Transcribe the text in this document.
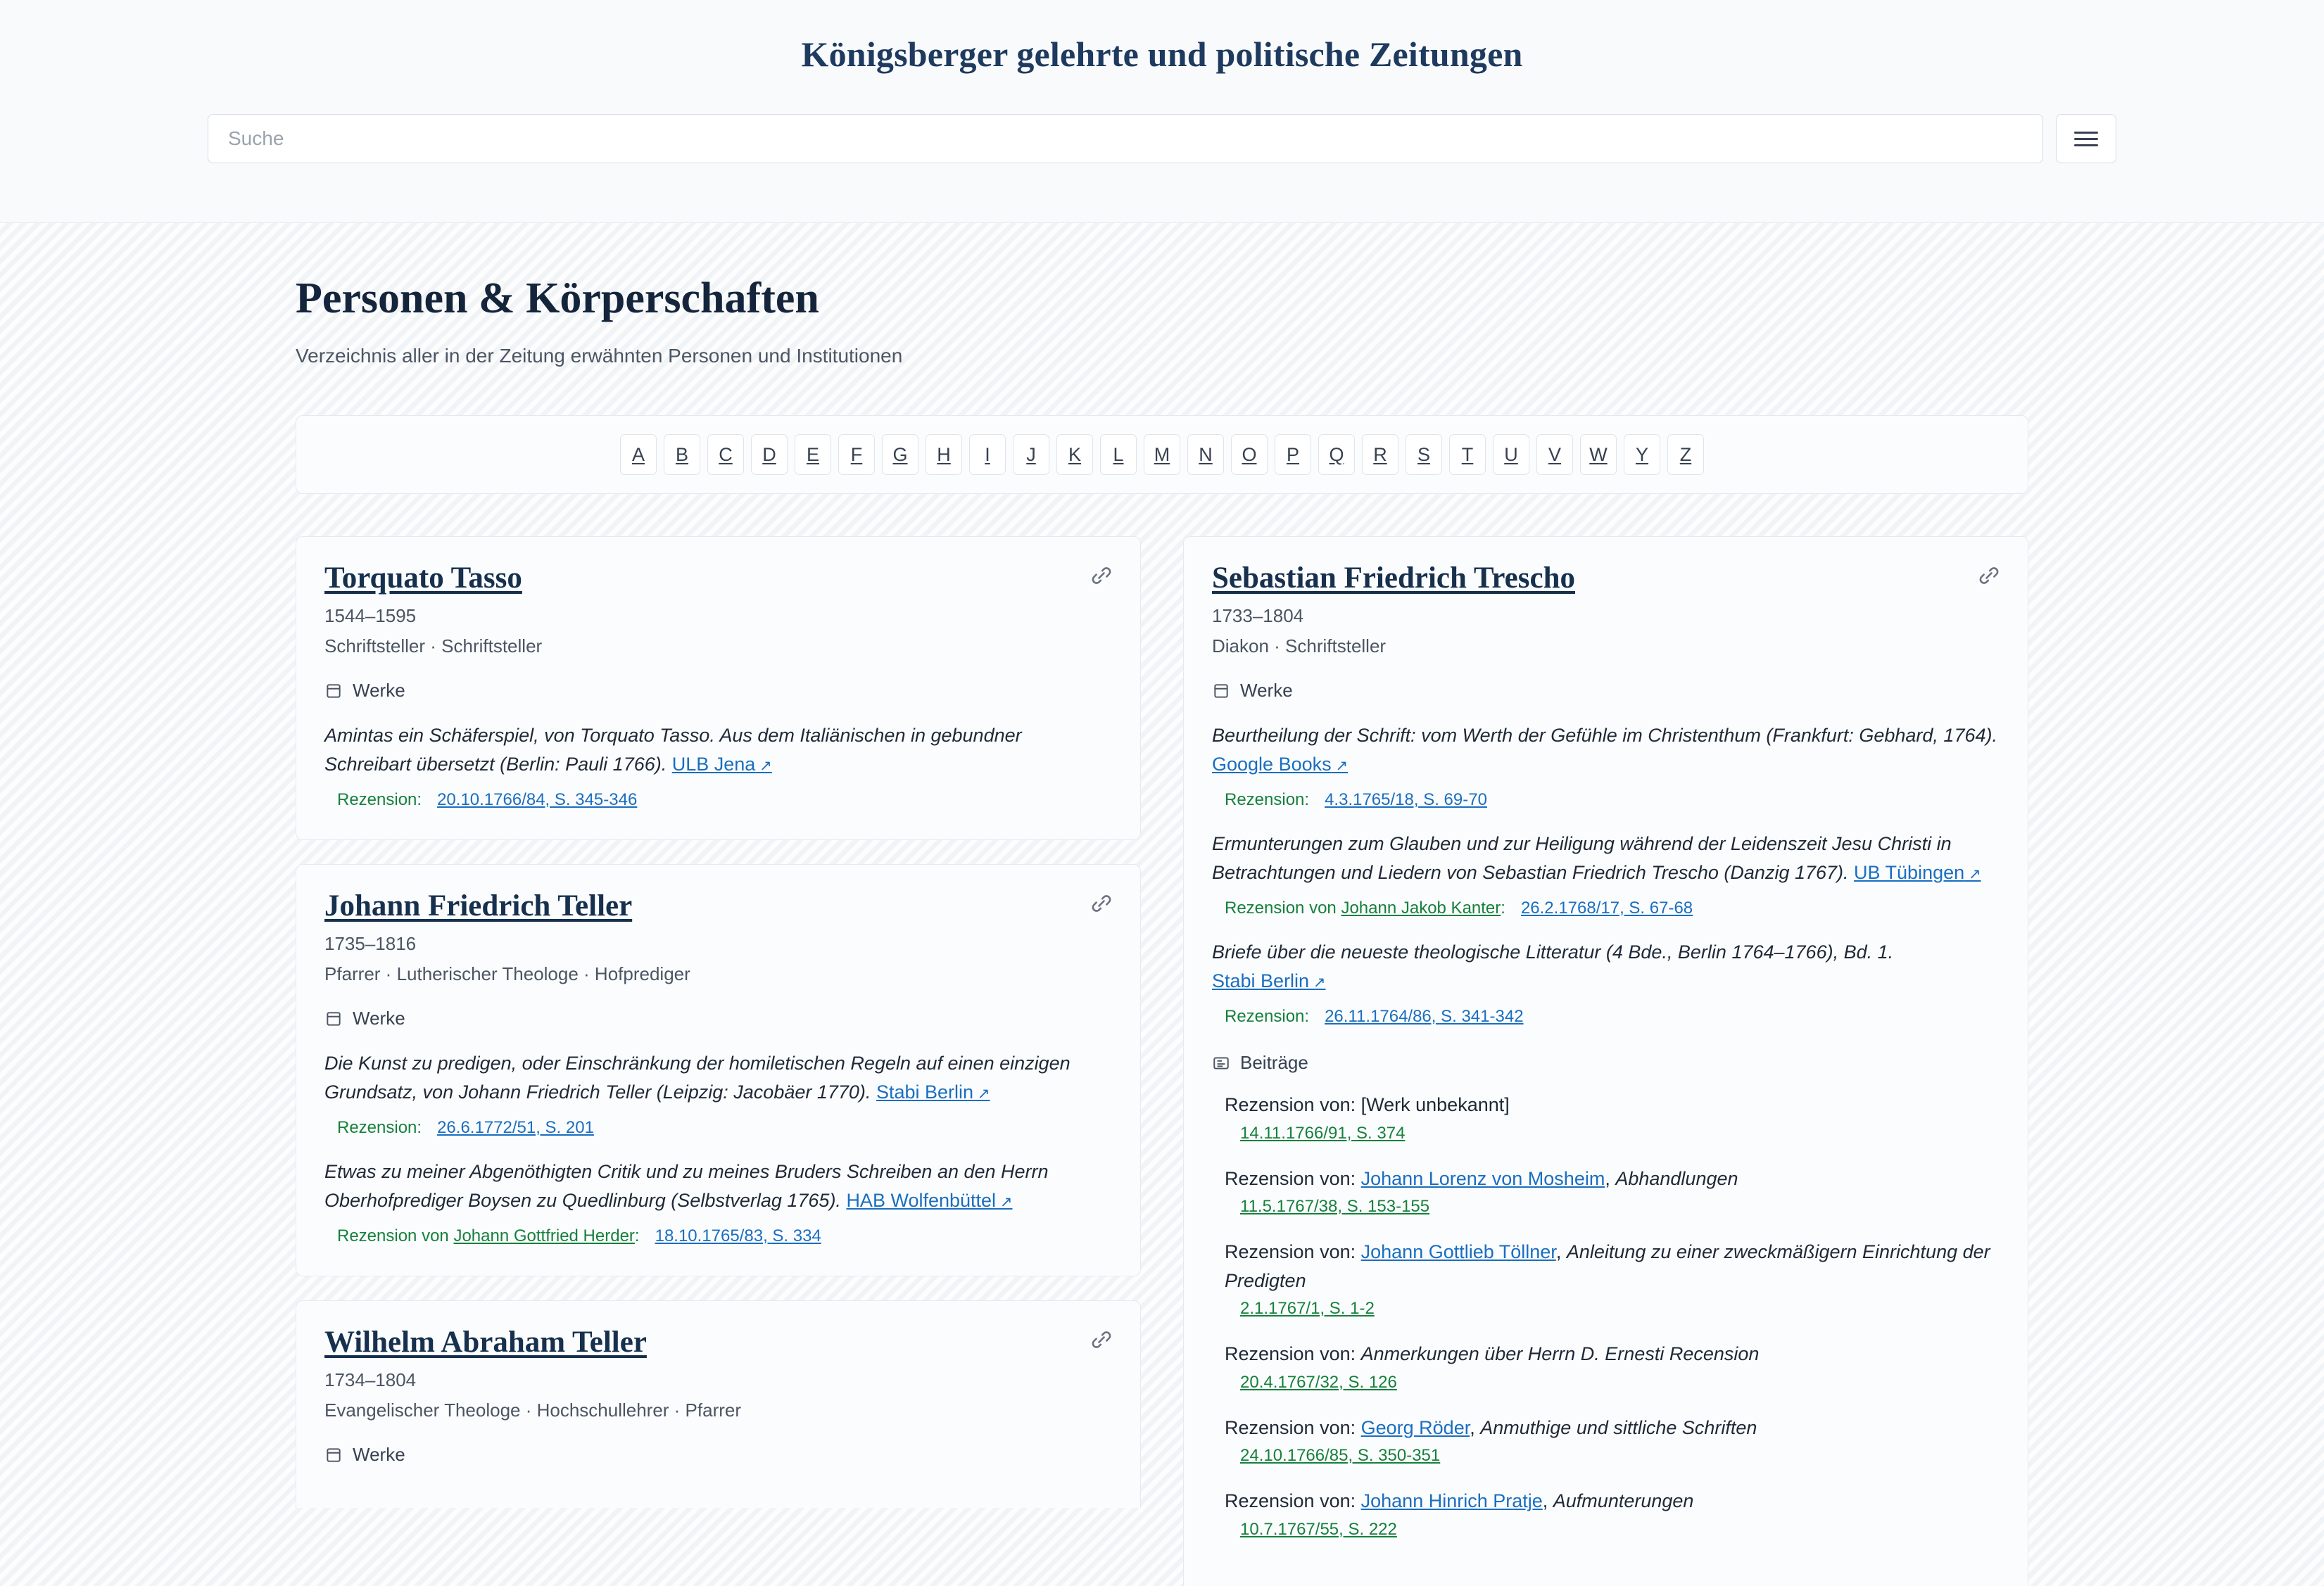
Königsberger gelehrte und politische Zeitungen
Suche
Personen & Körperschaften

Verzeichnis aller in der Zeitung erwähnten Personen und Institutionen

A	B	C	D	E	F	G	H	I	J	K	L	M	N	O	P	Q	R	S	T	U	V	W	Y	Z
Torquato Tasso
1544–1595
Schriftsteller · Schriftsteller
Werke
Amintas ein Schäferspiel, von Torquato Tasso. Aus dem Italiänischen in gebundner Schreibart übersetzt (Berlin: Pauli 1766). ULB Jena ↗
Rezension: 20.10.1766/84, S. 345-346
Johann Friedrich Teller
1735–1816
Pfarrer · Lutherischer Theologe · Hofprediger
Werke
Die Kunst zu predigen, oder Einschränkung der homiletischen Regeln auf einen einzigen Grundsatz, von Johann Friedrich Teller (Leipzig: Jacobäer 1770). Stabi Berlin ↗
Rezension: 26.6.1772/51, S. 201
Etwas zu meiner Abgenöthigten Critik und zu meines Bruders Schreiben an den Herrn Oberhofprediger Boysen zu Quedlinburg (Selbstverlag 1765). HAB Wolfenbüttel ↗
Rezension von Johann Gottfried Herder: 18.10.1765/83, S. 334
Wilhelm Abraham Teller
1734–1804
Evangelischer Theologe · Hochschullehrer · Pfarrer
Werke
Sebastian Friedrich Trescho
1733–1804
Diakon · Schriftsteller
Werke
Beurtheilung der Schrift: vom Werth der Gefühle im Christenthum (Frankfurt: Gebhard, 1764).
Google Books ↗
Rezension: 4.3.1765/18, S. 69-70
Ermunterungen zum Glauben und zur Heiligung während der Leidenszeit Jesu Christi in Betrachtungen und Liedern von Sebastian Friedrich Trescho (Danzig 1767). UB Tübingen ↗
Rezension von Johann Jakob Kanter: 26.2.1768/17, S. 67-68
Briefe über die neueste theologische Litteratur (4 Bde., Berlin 1764–1766), Bd. 1. Stabi Berlin ↗
Rezension: 26.11.1764/86, S. 341-342
Beiträge
Rezension von: [Werk unbekannt]
14.11.1766/91, S. 374
Rezension von: Johann Lorenz von Mosheim, Abhandlungen
11.5.1767/38, S. 153-155
Rezension von: Johann Gottlieb Töllner, Anleitung zu einer zweckmäßigern Einrichtung der Predigten
2.1.1767/1, S. 1-2
Rezension von: Anmerkungen über Herrn D. Ernesti Recension
20.4.1767/32, S. 126
Rezension von: Georg Röder, Anmuthige und sittliche Schriften
24.10.1766/85, S. 350-351
Rezension von: Johann Hinrich Pratje, Aufmunterungen
10.7.1767/55, S. 222
